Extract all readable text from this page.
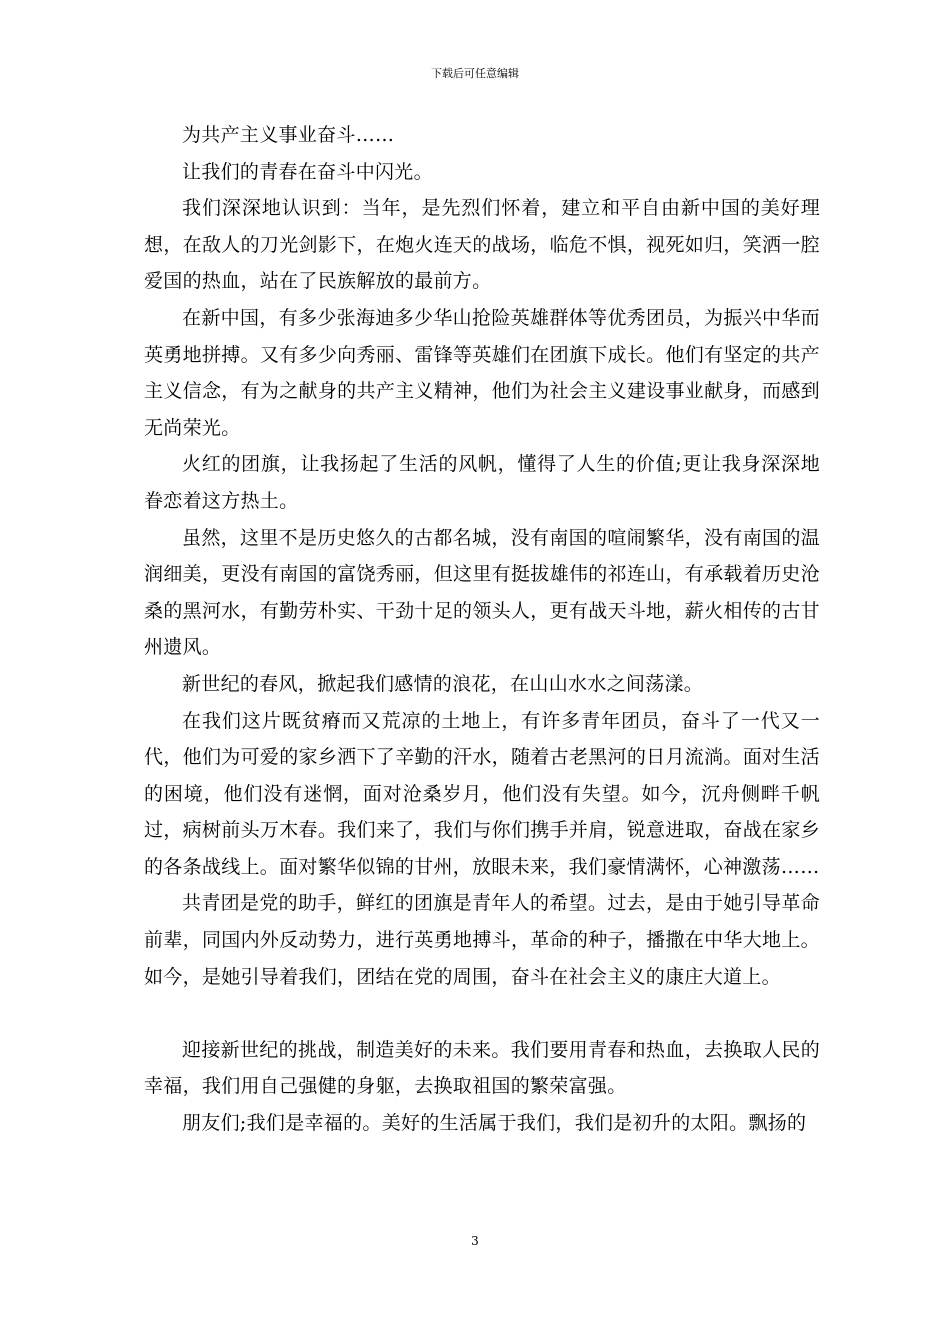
下载后可任意编辑

为共产主义事业奋斗……

让我们的青春在奋斗中闪光。

我们深深地认识到：当年，是先烈们怀着，建立和平自由新中国的美好理想，在敌人的刀光剑影下，在炮火连天的战场，临危不惧，视死如归，笑洒一腔爱国的热血，站在了民族解放的最前方。

在新中国，有多少张海迪多少华山抢险英雄群体等优秀团员，为振兴中华而英勇地拼搏。又有多少向秀丽、雷锋等英雄们在团旗下成长。他们有坚定的共产主义信念，有为之献身的共产主义精神，他们为社会主义建设事业献身，而感到无尚荣光。

火红的团旗，让我扬起了生活的风帆，懂得了人生的价值;更让我身深深地眷恋着这方热土。

虽然，这里不是历史悠久的古都名城，没有南国的喧闹繁华，没有南国的温润细美，更没有南国的富饶秀丽，但这里有挺拔雄伟的祁连山，有承载着历史沧桑的黑河水，有勤劳朴实、干劲十足的领头人，更有战天斗地，薪火相传的古甘州遗风。

新世纪的春风，掀起我们感情的浪花，在山山水水之间荡漾。

在我们这片既贫瘠而又荒凉的土地上，有许多青年团员，奋斗了一代又一代，他们为可爱的家乡洒下了辛勤的汗水，随着古老黑河的日月流淌。面对生活的困境，他们没有迷惘，面对沧桑岁月，他们没有失望。如今，沉舟侧畔千帆过，病树前头万木春。我们来了，我们与你们携手并肩，锐意进取，奋战在家乡的各条战线上。面对繁华似锦的甘州，放眼未来，我们豪情满怀，心神激荡……

共青团是党的助手，鲜红的团旗是青年人的希望。过去，是由于她引导革命前辈，同国内外反动势力，进行英勇地搏斗，革命的种子，播撒在中华大地上。如今，是她引导着我们，团结在党的周围，奋斗在社会主义的康庄大道上。

迎接新世纪的挑战，制造美好的未来。我们要用青春和热血，去换取人民的幸福，我们用自己强健的身躯，去换取祖国的繁荣富强。

朋友们;我们是幸福的。美好的生活属于我们，我们是初升的太阳。飘扬的

3
